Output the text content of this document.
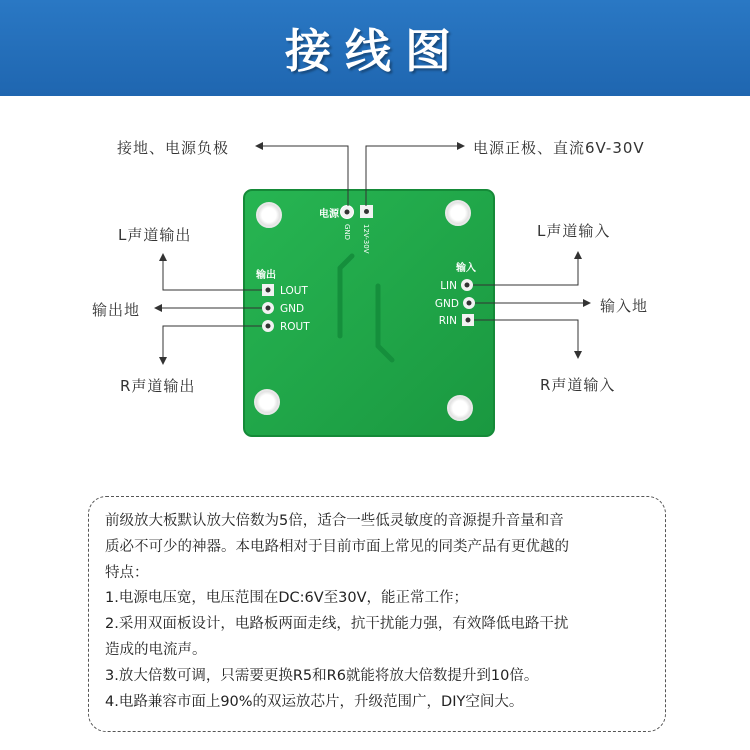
接线图
电源
GND 12V-30V
输出
LOUT
GND
ROUT
输入
LIN
GND
RIN
接地、电源负极	电源正极、直流6V-30V
L声道输出
输出地
R声道输出
L声道输入
输入地
R声道输入
前级放大板默认放大倍数为5倍，适合一些低灵敏度的音源提升音量和音
质必不可少的神器。本电路相对于目前市面上常见的同类产品有更优越的
特点：
1.电源电压宽，电压范围在DC:6V至30V，能正常工作；
2.采用双面板设计，电路板两面走线，抗干扰能力强，有效降低电路干扰
造成的电流声。
3.放大倍数可调，只需要更换R5和R6就能将放大倍数提升到10倍。
4.电路兼容市面上90%的双运放芯片，升级范围广，DIY空间大。
